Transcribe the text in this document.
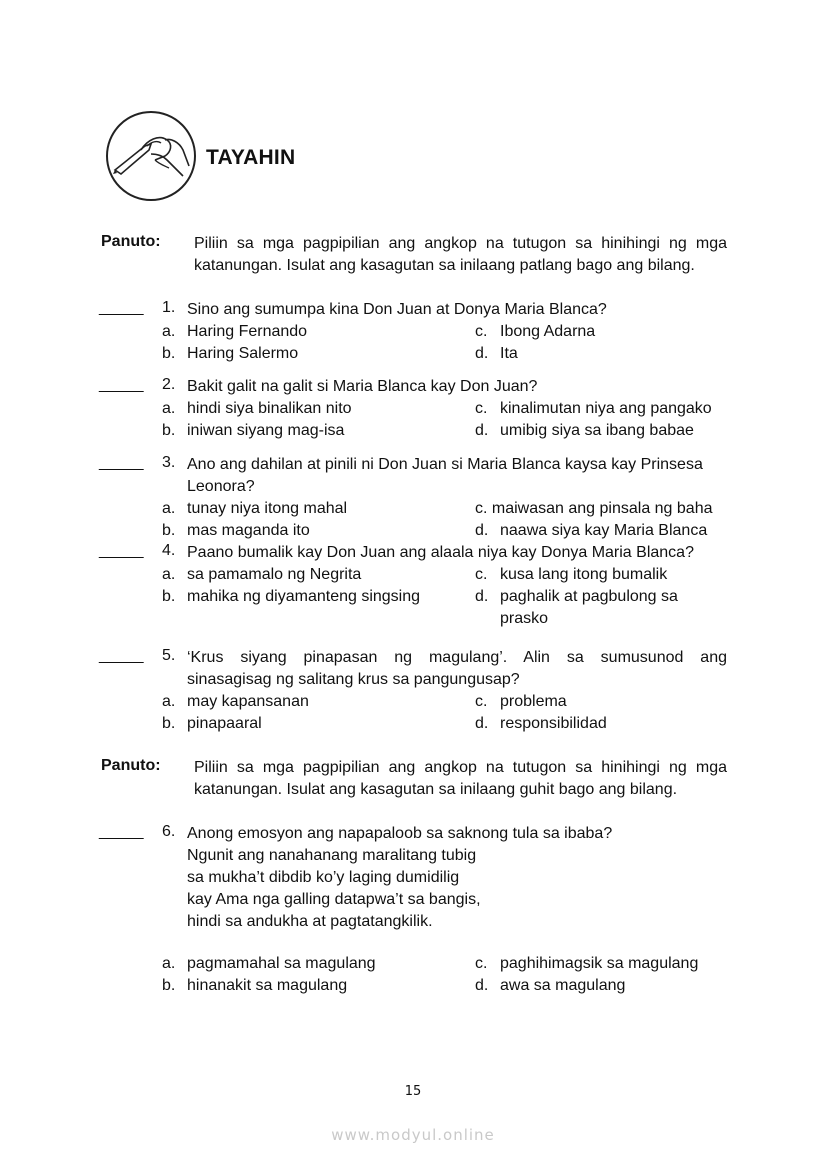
TAYAHIN
Panuto: Piliin sa mga pagpipilian ang angkop na tutugon sa hinihingi ng mga katanungan. Isulat ang kasagutan sa inilaang patlang bago ang bilang.
_____ 1. Sino ang sumumpa kina Don Juan at Donya Maria Blanca?
a. Haring Fernando	c. Ibong Adarna
b. Haring Salermo	d. Ita
_____ 2. Bakit galit na galit si Maria Blanca kay Don Juan?
a. hindi siya binalikan nito	c. kinalimutan niya ang pangako
b. iniwan siyang mag-isa	d. umibig siya sa ibang babae
_____ 3. Ano ang dahilan at pinili ni Don Juan si Maria Blanca kaysa kay Prinsesa
Leonora?
a. tunay niya itong mahal	c. maiwasan ang pinsala ng baha
b. mas maganda ito	d. naawa siya kay Maria Blanca
_____ 4. Paano bumalik kay Don Juan ang alaala niya kay Donya Maria Blanca?
a. sa pamamalo ng Negrita	c. kusa lang itong bumalik
b. mahika ng diyamanteng singsing	d. paghalik at pagbulong sa
prasko
_____ 5. ‘Krus siyang pinapasan ng magulang’. Alin sa sumusunod ang
sinasagisag ng salitang krus sa pangungusap?
a. may kapansanan	c. problema
b. pinapaaral	d. responsibilidad
Panuto: Piliin sa mga pagpipilian ang angkop na tutugon sa hinihingi ng mga katanungan. Isulat ang kasagutan sa inilaang guhit bago ang bilang.
_____ 6. Anong emosyon ang napapaloob sa saknong tula sa ibaba?
Ngunit ang nanahanang maralitang tubig
sa mukha’t dibdib ko’y laging dumidilig
kay Ama nga galling datapwa’t sa bangis,
hindi sa andukha at pagtatangkilik.
a. pagmamahal sa magulang	c. paghihimagsik sa magulang
b. hinanakit sa magulang	d. awa sa magulang
15
www.modyul.online
